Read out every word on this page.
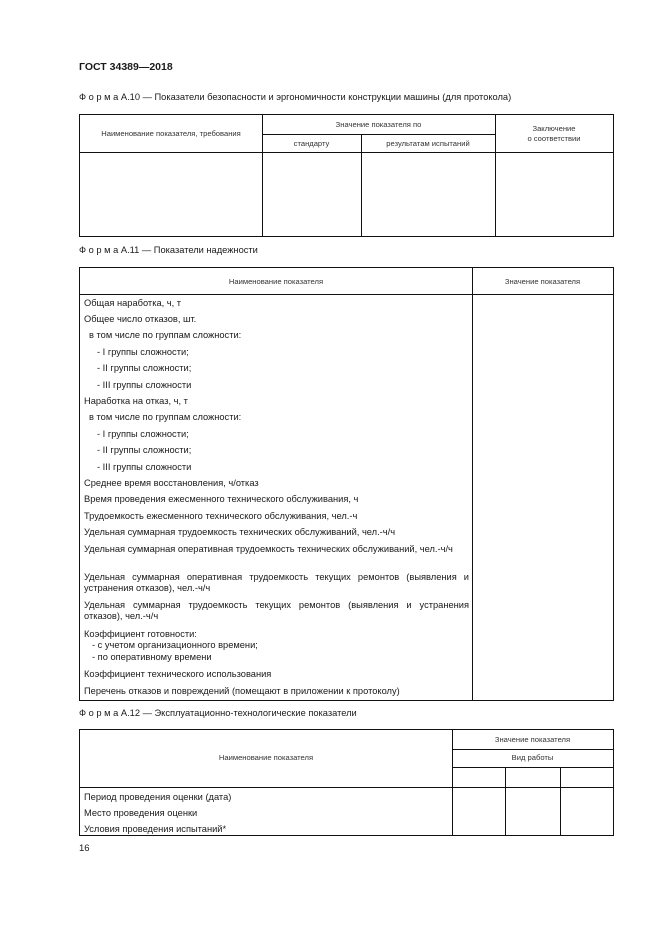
ГОСТ 34389—2018
Ф о р м а А.10 — Показатели безопасности и эргономичности конструкции машины (для протокола)
Наименование показателя, требования
Значение показателя по
стандарту	результатам испытаний
Заключение
о соответствии
Ф о р м а А.11 — Показатели надежности
Наименование показателя	Значение показателя
Общая наработка, ч, т
Общее число отказов, шт.
в том числе по группам сложности:
- I группы сложности;
- II группы сложности;
- III группы сложности
Наработка на отказ, ч, т
в том числе по группам сложности:
- I группы сложности;
- II группы сложности;
- III группы сложности
Среднее время восстановления, ч/отказ
Время проведения ежесменного технического обслуживания, ч
Трудоемкость ежесменного технического обслуживания, чел.-ч
Удельная суммарная трудоемкость технических обслуживаний, чел.-ч/ч
Удельная суммарная оперативная трудоемкость технических обслуживаний, чел.-ч/ч
Удельная суммарная оперативная трудоемкость текущих ремонтов (выявления и устранения отказов), чел.-ч/ч
Удельная суммарная трудоемкость текущих ремонтов (выявления и устранения отказов), чел.-ч/ч
Коэффициент готовности:
- с учетом организационного времени;
- по оперативному времени
Коэффициент технического использования
Перечень отказов и повреждений (помещают в приложении к протоколу)
Ф о р м а А.12 — Эксплуатационно-технологические показатели
Наименование показателя
Значение показателя
Вид работы
Период проведения оценки (дата)
Место проведения оценки
Условия проведения испытаний*
16
